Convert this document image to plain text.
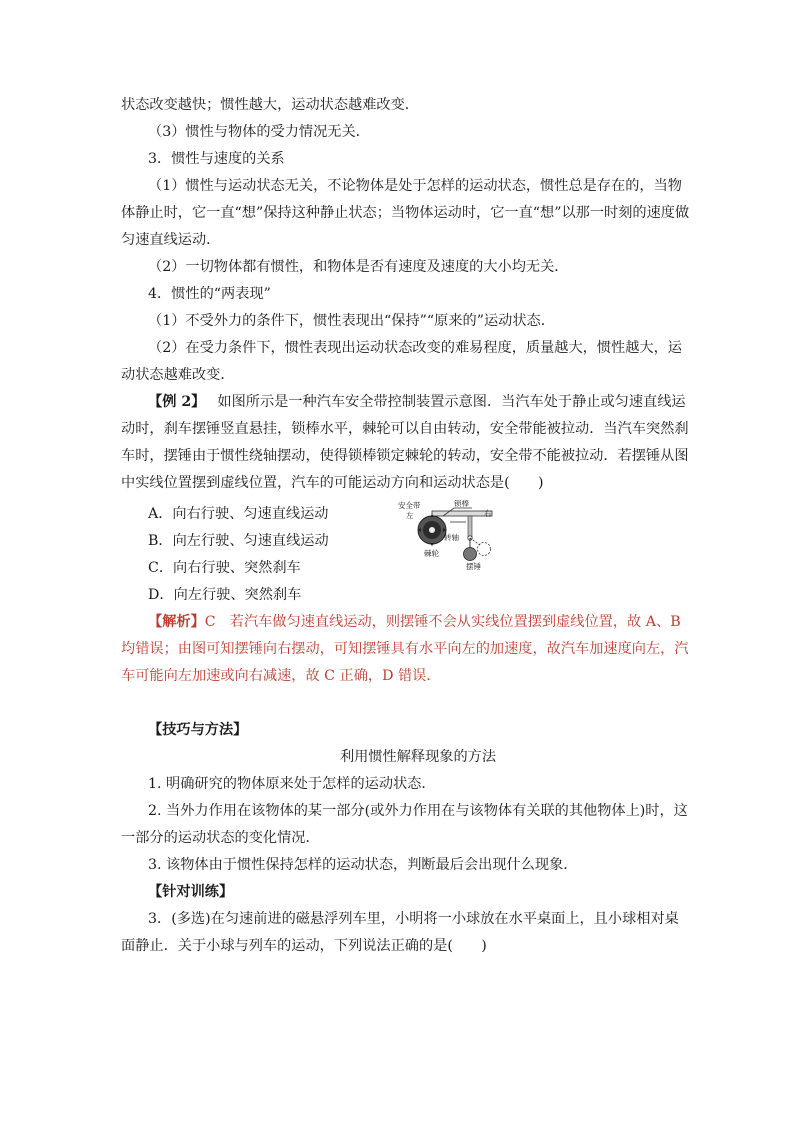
状态改变越快；惯性越大，运动状态越难改变．

（3）惯性与物体的受力情况无关．

3．惯性与速度的关系

（1）惯性与运动状态无关，不论物体是处于怎样的运动状态，惯性总是存在的，当物

体静止时，它一直“想”保持这种静止状态；当物体运动时，它一直“想”以那一时刻的速度做

匀速直线运动．

（2）一切物体都有惯性，和物体是否有速度及速度的大小均无关．

4．惯性的“两表现”

（1）不受外力的条件下，惯性表现出“保持”“原来的”运动状态．

（2）在受力条件下，惯性表现出运动状态改变的难易程度，质量越大，惯性越大，运

动状态越难改变．

【例 2】 如图所示是一种汽车安全带控制装置示意图．当汽车处于静止或匀速直线运

动时，刹车摆锤竖直悬挂，锁棒水平，棘轮可以自由转动，安全带能被拉动．当汽车突然刹

车时，摆锤由于惯性绕轴摆动，使得锁棒锁定棘轮的转动，安全带不能被拉动．若摆锤从图

中实线位置摆到虚线位置，汽车的可能运动方向和运动状态是(　　)

A．向右行驶、匀速直线运动

B．向左行驶、匀速直线运动

C．向右行驶、突然刹车

D．向左行驶、突然刹车

安全带
左
锁棒
右
棘轮
转轴
摆锤

【解析】C　若汽车做匀速直线运动，则摆锤不会从实线位置摆到虚线位置，故 A、B

均错误；由图可知摆锤向右摆动，可知摆锤具有水平向左的加速度，故汽车加速度向左，汽

车可能向左加速或向右减速，故 C 正确，D 错误．

【技巧与方法】

利用惯性解释现象的方法

1. 明确研究的物体原来处于怎样的运动状态．

2. 当外力作用在该物体的某一部分(或外力作用在与该物体有关联的其他物体上)时，这

一部分的运动状态的变化情况．

3. 该物体由于惯性保持怎样的运动状态，判断最后会出现什么现象．

【针对训练】

3．(多选)在匀速前进的磁悬浮列车里，小明将一小球放在水平桌面上，且小球相对桌

面静止．关于小球与列车的运动，下列说法正确的是(　　)
